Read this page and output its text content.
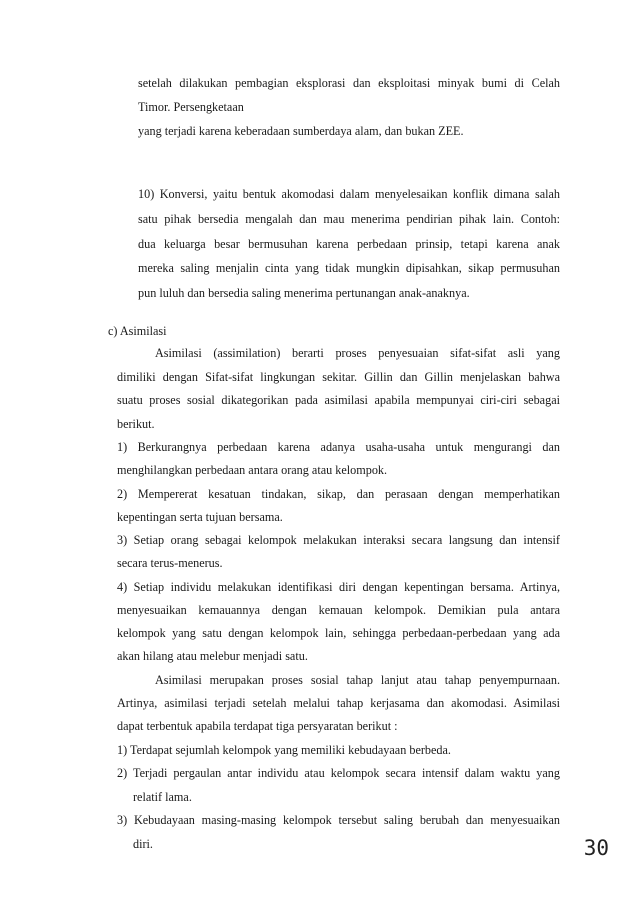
setelah dilakukan pembagian eksplorasi dan eksploitasi minyak bumi di Celah
Timor. Persengketaan
yang terjadi karena keberadaan sumberdaya alam, dan bukan ZEE.
10) Konversi, yaitu bentuk akomodasi dalam menyelesaikan konflik dimana salah
satu pihak bersedia mengalah dan mau menerima pendirian pihak lain. Contoh:
dua keluarga besar bermusuhan karena perbedaan prinsip, tetapi karena anak
mereka saling menjalin cinta yang tidak mungkin dipisahkan, sikap permusuhan
pun luluh dan bersedia saling menerima pertunangan anak-anaknya.
c) Asimilasi
Asimilasi (assimilation) berarti proses penyesuaian sifat-sifat asli yang
dimiliki dengan Sifat-sifat lingkungan sekitar. Gillin dan Gillin menjelaskan bahwa
suatu proses sosial dikategorikan pada asimilasi apabila mempunyai ciri-ciri sebagai
berikut.
1) Berkurangnya perbedaan karena adanya usaha-usaha untuk mengurangi dan
menghilangkan perbedaan antara orang atau kelompok.
2) Mempererat kesatuan tindakan, sikap, dan perasaan dengan memperhatikan
kepentingan serta tujuan bersama.
3) Setiap orang sebagai kelompok melakukan interaksi secara langsung dan intensif
secara terus-menerus.
4) Setiap individu melakukan identifikasi diri dengan kepentingan bersama. Artinya,
menyesuaikan kemauannya dengan kemauan kelompok. Demikian pula antara
kelompok yang satu dengan kelompok lain, sehingga perbedaan-perbedaan yang ada
akan hilang atau melebur menjadi satu.
Asimilasi merupakan proses sosial tahap lanjut atau tahap penyempurnaan.
Artinya, asimilasi terjadi setelah melalui tahap kerjasama dan akomodasi. Asimilasi
dapat terbentuk apabila terdapat tiga persyaratan berikut :
1) Terdapat sejumlah kelompok yang memiliki kebudayaan berbeda.
2) Terjadi pergaulan antar individu atau kelompok secara intensif dalam waktu yang
relatif lama.
3) Kebudayaan masing-masing kelompok tersebut saling berubah dan menyesuaikan
diri.	30
